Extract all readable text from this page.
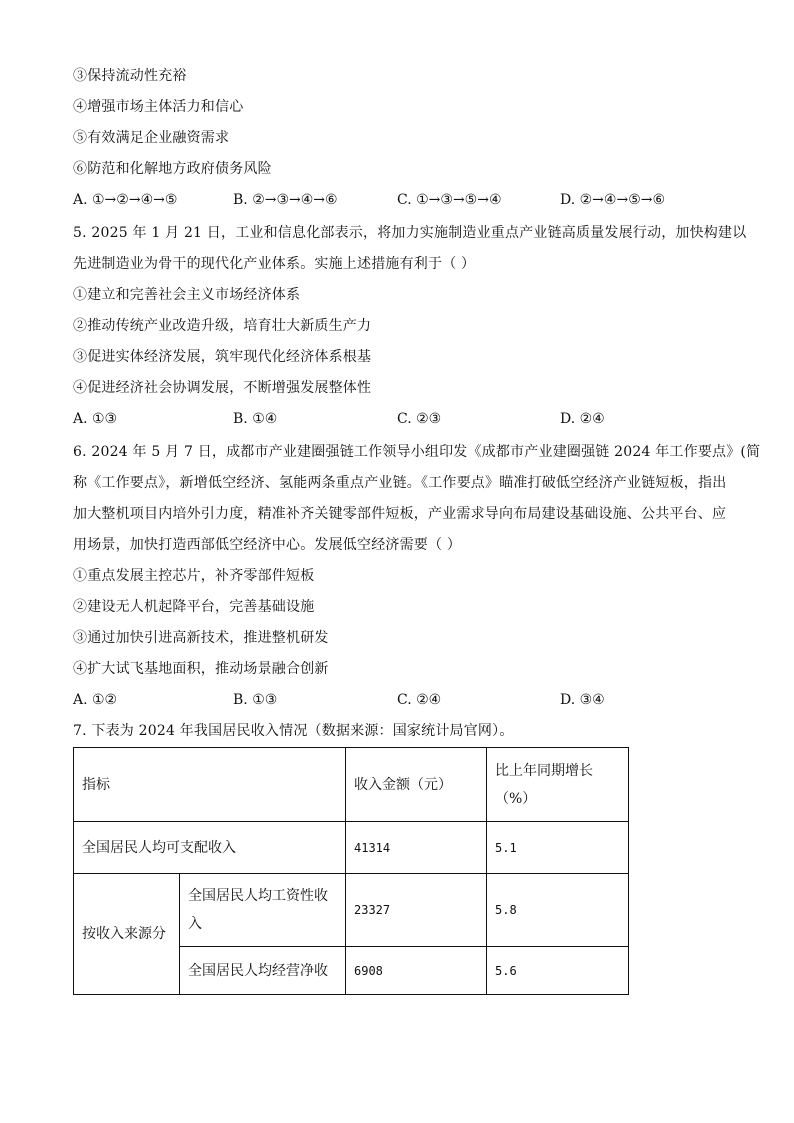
③保持流动性充裕
④增强市场主体活力和信心
⑤有效满足企业融资需求
⑥防范和化解地方政府债务风险
A. ①→②→④→⑤	B. ②→③→④→⑥	C. ①→③→⑤→④	D. ②→④→⑤→⑥
5. 2025 年 1 月 21 日，工业和信息化部表示，将加力实施制造业重点产业链高质量发展行动，加快构建以
先进制造业为骨干的现代化产业体系。实施上述措施有利于（ ）
①建立和完善社会主义市场经济体系
②推动传统产业改造升级，培育壮大新质生产力
③促进实体经济发展，筑牢现代化经济体系根基
④促进经济社会协调发展，不断增强发展整体性
A. ①③	B. ①④	C. ②③	D. ②④
6. 2024 年 5 月 7 日，成都市产业建圈强链工作领导小组印发《成都市产业建圈强链 2024 年工作要点》(简
称《工作要点》，新增低空经济、氢能两条重点产业链。《工作要点》瞄准打破低空经济产业链短板，指出
加大整机项目内培外引力度，精准补齐关键零部件短板，产业需求导向布局建设基础设施、公共平台、应
用场景，加快打造西部低空经济中心。发展低空经济需要（ ）
①重点发展主控芯片，补齐零部件短板
②建设无人机起降平台，完善基础设施
③通过加快引进高新技术，推进整机研发
④扩大试飞基地面积，推动场景融合创新
A. ①②	B. ①③	C. ②④	D. ③④
7. 下表为 2024 年我国居民收入情况（数据来源：国家统计局官网）。
指标		收入金额（元）	比上年同期增长
（%）

全国居民人均可支配收入		41314	5.1
按收入来源分	全国居民人均工资性收
入	23327	5.8
	全国居民人均经营净收	6908	5.6
